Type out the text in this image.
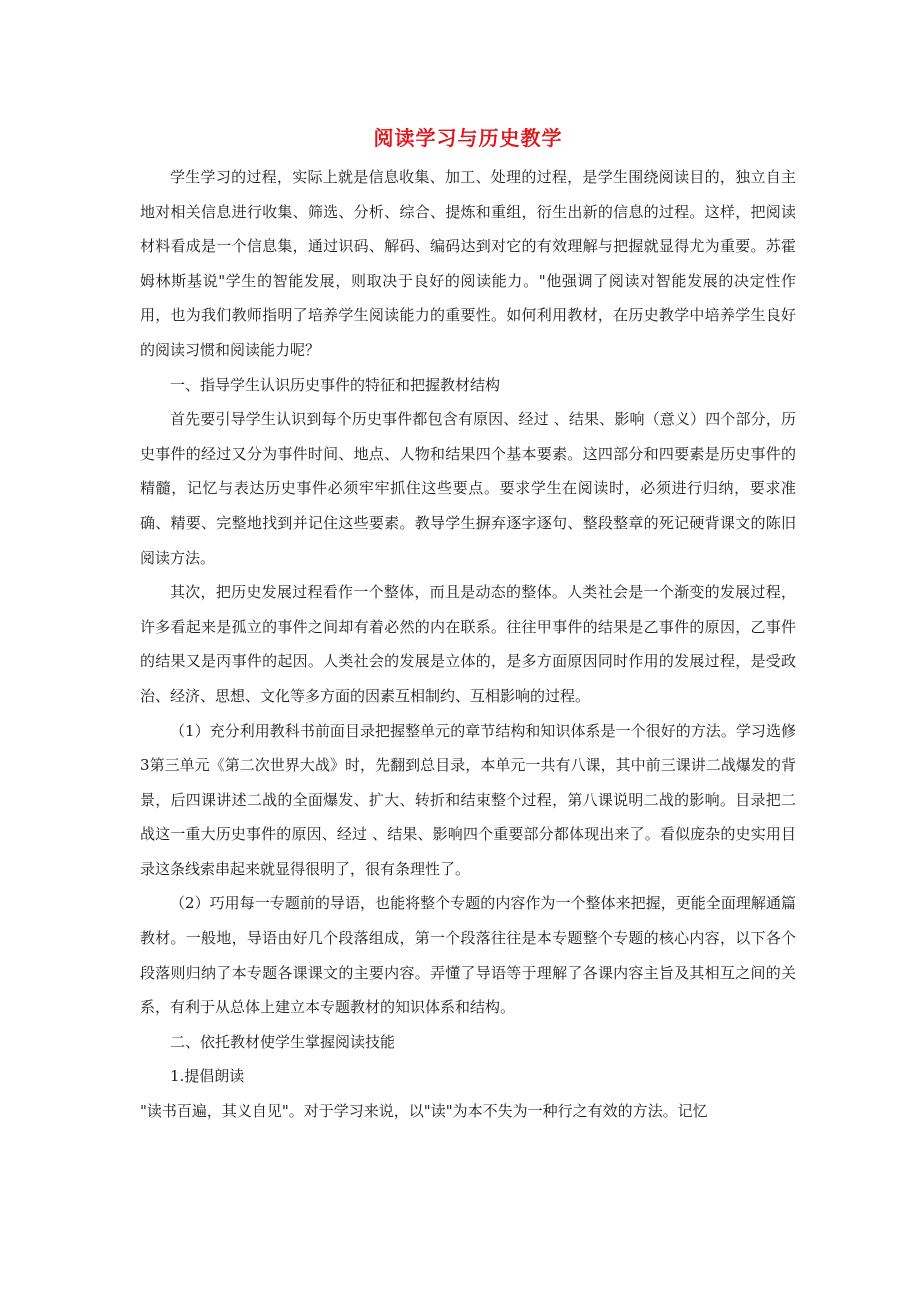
阅读学习与历史教学

学生学习的过程，实际上就是信息收集、加工、处理的过程，是学生围绕阅读目的，独立自主地对相关信息进行收集、筛选、分析、综合、提炼和重组，衍生出新的信息的过程。这样，把阅读材料看成是一个信息集，通过识码、解码、编码达到对它的有效理解与把握就显得尤为重要。苏霍姆林斯基说"学生的智能发展，则取决于良好的阅读能力。"他强调了阅读对智能发展的决定性作用，也为我们教师指明了培养学生阅读能力的重要性。如何利用教材，在历史教学中培养学生良好的阅读习惯和阅读能力呢？

一、指导学生认识历史事件的特征和把握教材结构

首先要引导学生认识到每个历史事件都包含有原因、经过 、结果、影响（意义）四个部分，历史事件的经过又分为事件时间、地点、人物和结果四个基本要素。这四部分和四要素是历史事件的精髓，记忆与表达历史事件必须牢牢抓住这些要点。要求学生在阅读时，必须进行归纳，要求准确、精要、完整地找到并记住这些要素。教导学生摒弃逐字逐句、整段整章的死记硬背课文的陈旧阅读方法。

其次，把历史发展过程看作一个整体，而且是动态的整体。人类社会是一个渐变的发展过程，许多看起来是孤立的事件之间却有着必然的内在联系。往往甲事件的结果是乙事件的原因，乙事件的结果又是丙事件的起因。人类社会的发展是立体的，是多方面原因同时作用的发展过程，是受政治、经济、思想、文化等多方面的因素互相制约、互相影响的过程。

（1）充分利用教科书前面目录把握整单元的章节结构和知识体系是一个很好的方法。学习选修3第三单元《第二次世界大战》时，先翻到总目录，本单元一共有八课，其中前三课讲二战爆发的背景，后四课讲述二战的全面爆发、扩大、转折和结束整个过程，第八课说明二战的影响。目录把二战这一重大历史事件的原因、经过 、结果、影响四个重要部分都体现出来了。看似庞杂的史实用目录这条线索串起来就显得很明了，很有条理性了。

（2）巧用每一专题前的导语，也能将整个专题的内容作为一个整体来把握，更能全面理解通篇教材。一般地，导语由好几个段落组成，第一个段落往往是本专题整个专题的核心内容，以下各个段落则归纳了本专题各课课文的主要内容。弄懂了导语等于理解了各课内容主旨及其相互之间的关系，有利于从总体上建立本专题教材的知识体系和结构。

二、依托教材使学生掌握阅读技能

1.提倡朗读

"读书百遍，其义自见"。对于学习来说，以"读"为本不失为一种行之有效的方法。记忆
